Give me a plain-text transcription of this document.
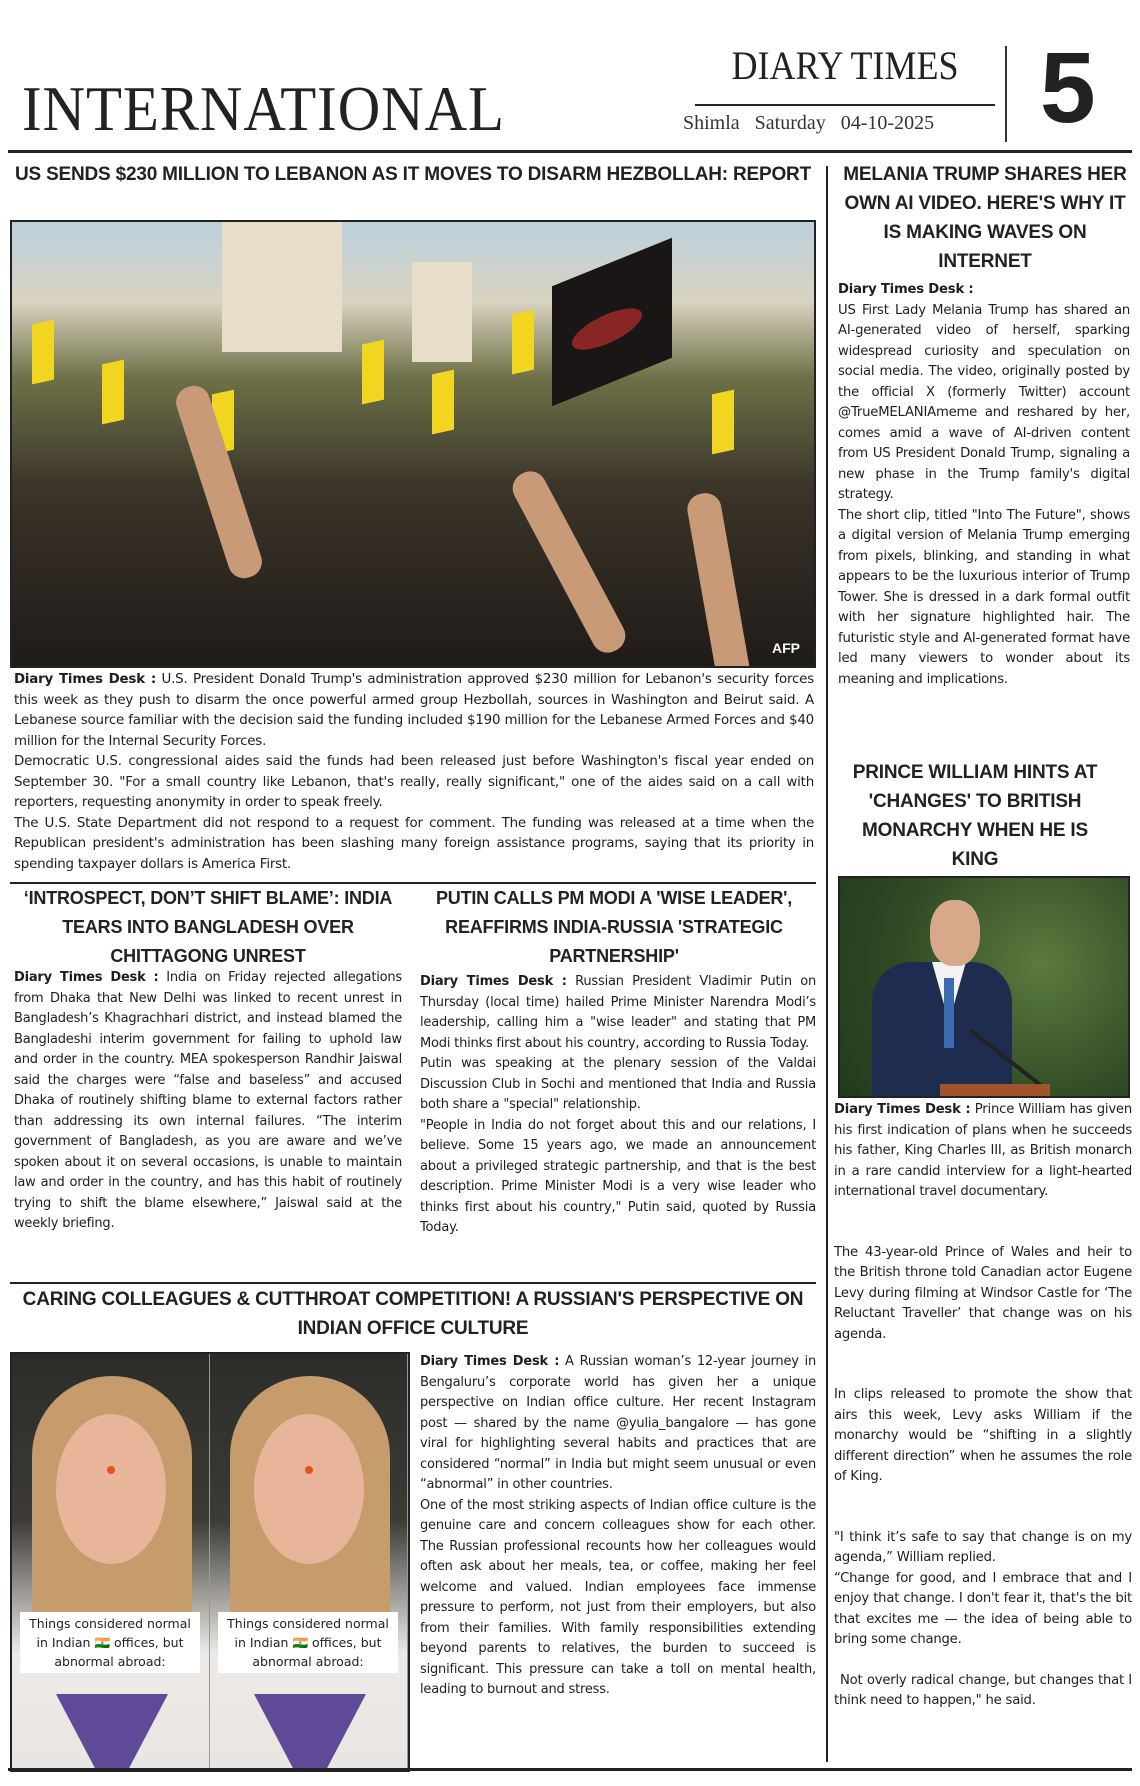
INTERNATIONAL
DIARY TIMES
Shimla Saturday 04-10-2025	5
US SENDS $230 MILLION TO LEBANON AS IT MOVES TO DISARM HEZBOLLAH: REPORT
AFP

Diary Times Desk : U.S. President Donald Trump's administration approved $230 million for Lebanon's security forces this week as they push to disarm the once powerful armed group Hezbollah, sources in Washington and Beirut said. A Lebanese source familiar with the decision said the funding included $190 million for the Lebanese Armed Forces and $40 million for the Internal Security Forces.

Democratic U.S. congressional aides said the funds had been released just before Washington's fiscal year ended on September 30. "For a small country like Lebanon, that's really, really significant," one of the aides said on a call with reporters, requesting anonymity in order to speak freely.

The U.S. State Department did not respond to a request for comment. The funding was released at a time when the Republican president's administration has been slashing many foreign assistance programs, saying that its priority in spending taxpayer dollars is America First.

‘INTROSPECT, DON’T SHIFT BLAME’: INDIA TEARS INTO BANGLADESH OVER CHITTAGONG UNREST

Diary Times Desk : India on Friday rejected allegations from Dhaka that New Delhi was linked to recent unrest in Bangladesh’s Khagrachhari district, and instead blamed the Bangladeshi interim government for failing to uphold law and order in the country. MEA spokesperson Randhir Jaiswal said the charges were “false and baseless” and accused Dhaka of routinely shifting blame to external factors rather than addressing its own internal failures. “The interim government of Bangladesh, as you are aware and we’ve spoken about it on several occasions, is unable to maintain law and order in the country, and has this habit of routinely trying to shift the blame elsewhere,” Jaiswal said at the weekly briefing.

PUTIN CALLS PM MODI A 'WISE LEADER', REAFFIRMS INDIA-RUSSIA 'STRATEGIC PARTNERSHIP'

Diary Times Desk : Russian President Vladimir Putin on Thursday (local time) hailed Prime Minister Narendra Modi’s leadership, calling him a "wise leader" and stating that PM Modi thinks first about his country, according to Russia Today.

Putin was speaking at the plenary session of the Valdai Discussion Club in Sochi and mentioned that India and Russia both share a "special" relationship.

"People in India do not forget about this and our relations, I believe. Some 15 years ago, we made an announcement about a privileged strategic partnership, and that is the best description. Prime Minister Modi is a very wise leader who thinks first about his country," Putin said, quoted by Russia Today.

CARING COLLEAGUES & CUTTHROAT COMPETITION! A RUSSIAN'S PERSPECTIVE ON INDIAN OFFICE CULTURE
Things considered normal in Indian 🇮🇳 offices, but abnormal abroad:
Things considered normal in Indian 🇮🇳 offices, but abnormal abroad:

Diary Times Desk : A Russian woman’s 12-year journey in Bengaluru’s corporate world has given her a unique perspective on Indian office culture. Her recent Instagram post — shared by the name @yulia_bangalore — has gone viral for highlighting several habits and practices that are considered “normal” in India but might seem unusual or even “abnormal” in other countries.

One of the most striking aspects of Indian office culture is the genuine care and concern colleagues show for each other. The Russian professional recounts how her colleagues would often ask about her meals, tea, or coffee, making her feel welcome and valued. Indian employees face immense pressure to perform, not just from their employers, but also from their families. With family responsibilities extending beyond parents to relatives, the burden to succeed is significant. This pressure can take a toll on mental health, leading to burnout and stress.

MELANIA TRUMP SHARES HER OWN AI VIDEO. HERE'S WHY IT IS MAKING WAVES ON INTERNET

Diary Times Desk :

US First Lady Melania Trump has shared an AI-generated video of herself, sparking widespread curiosity and speculation on social media. The video, originally posted by the official X (formerly Twitter) account @TrueMELANIAmeme and reshared by her, comes amid a wave of AI-driven content from US President Donald Trump, signaling a new phase in the Trump family's digital strategy.

The short clip, titled "Into The Future", shows a digital version of Melania Trump emerging from pixels, blinking, and standing in what appears to be the luxurious interior of Trump Tower. She is dressed in a dark formal outfit with her signature highlighted hair. The futuristic style and AI-generated format have led many viewers to wonder about its meaning and implications.

PRINCE WILLIAM HINTS AT 'CHANGES' TO BRITISH MONARCHY WHEN HE IS KING

Diary Times Desk : Prince William has given his first indication of plans when he succeeds his father, King Charles III, as British monarch in a rare candid interview for a light-hearted international travel documentary.

The 43-year-old Prince of Wales and heir to the British throne told Canadian actor Eugene Levy during filming at Windsor Castle for ‘The Reluctant Traveller’ that change was on his agenda.

In clips released to promote the show that airs this week, Levy asks William if the monarchy would be “shifting in a slightly different direction” when he assumes the role of King.

"I think it’s safe to say that change is on my agenda,” William replied.

“Change for good, and I embrace that and I enjoy that change. I don't fear it, that's the bit that excites me — the idea of being able to bring some change.

Not overly radical change, but changes that I think need to happen," he said.
